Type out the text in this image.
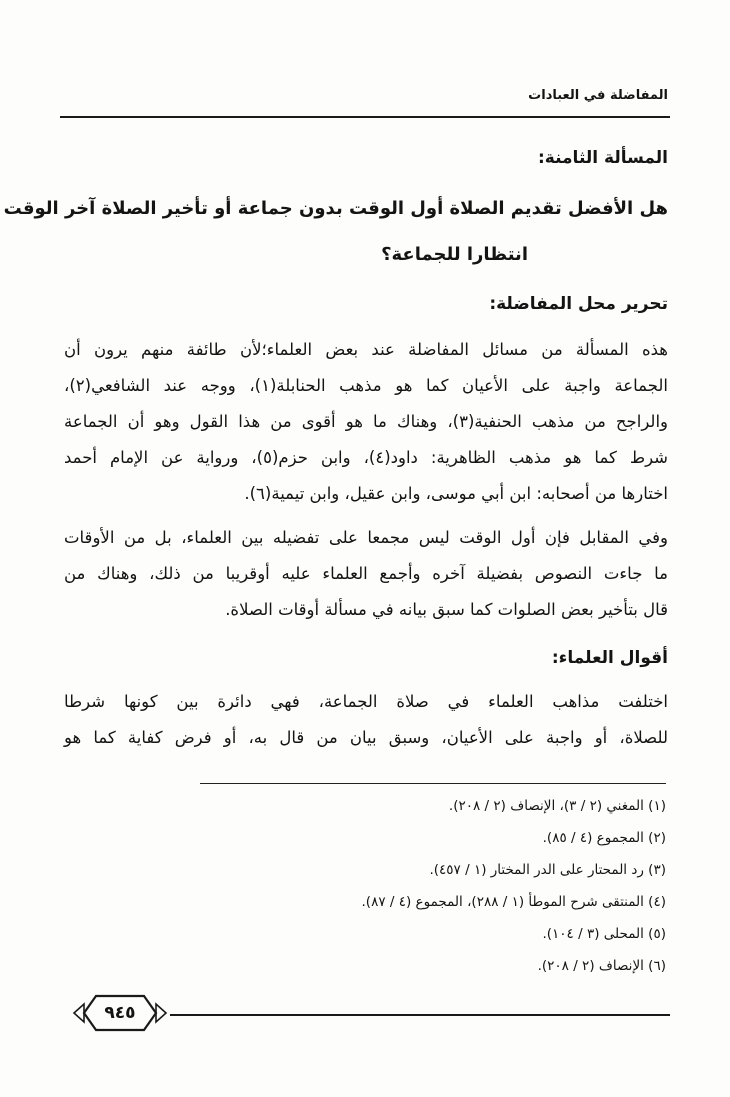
المفاضلة في العبادات
المسألة الثامنة:
هل الأفضل تقديم الصلاة أول الوقت بدون جماعة أو تأخير الصلاة آخر الوقت
انتظارا للجماعة؟
تحرير محل المفاضلة:
هذه المسألة من مسائل المفاضلة عند بعض العلماء؛لأن طائفة منهم يرون أن
الجماعة واجبة على الأعيان كما هو مذهب الحنابلة(١)، ووجه عند الشافعي(٢)،
والراجح من مذهب الحنفية(٣)، وهناك ما هو أقوى من هذا القول وهو أن الجماعة
شرط كما هو مذهب الظاهرية: داود(٤)، وابن حزم(٥)، ورواية عن الإمام أحمد
اختارها من أصحابه: ابن أبي موسى، وابن عقيل، وابن تيمية(٦).
وفي المقابل فإن أول الوقت ليس مجمعا على تفضيله بين العلماء، بل من الأوقات
ما جاءت النصوص بفضيلة آخره وأجمع العلماء عليه أوقريبا من ذلك، وهناك من
قال بتأخير بعض الصلوات كما سبق بيانه في مسألة أوقات الصلاة.
أقوال العلماء:
اختلفت مذاهب العلماء في صلاة الجماعة، فهي دائرة بين كونها شرطا
للصلاة، أو واجبة على الأعيان، وسبق بيان من قال به، أو فرض كفاية كما هو
(١) المغني (٢ / ٣)، الإنصاف (٢ / ٢٠٨).
(٢) المجموع (٤ / ٨٥).
(٣) رد المحتار على الدر المختار (١ / ٤٥٧).
(٤) المنتقى شرح الموطأ (١ / ٢٨٨)، المجموع (٤ / ٨٧).
(٥) المحلى (٣ / ١٠٤).
(٦) الإنصاف (٢ / ٢٠٨).
٩٤٥
